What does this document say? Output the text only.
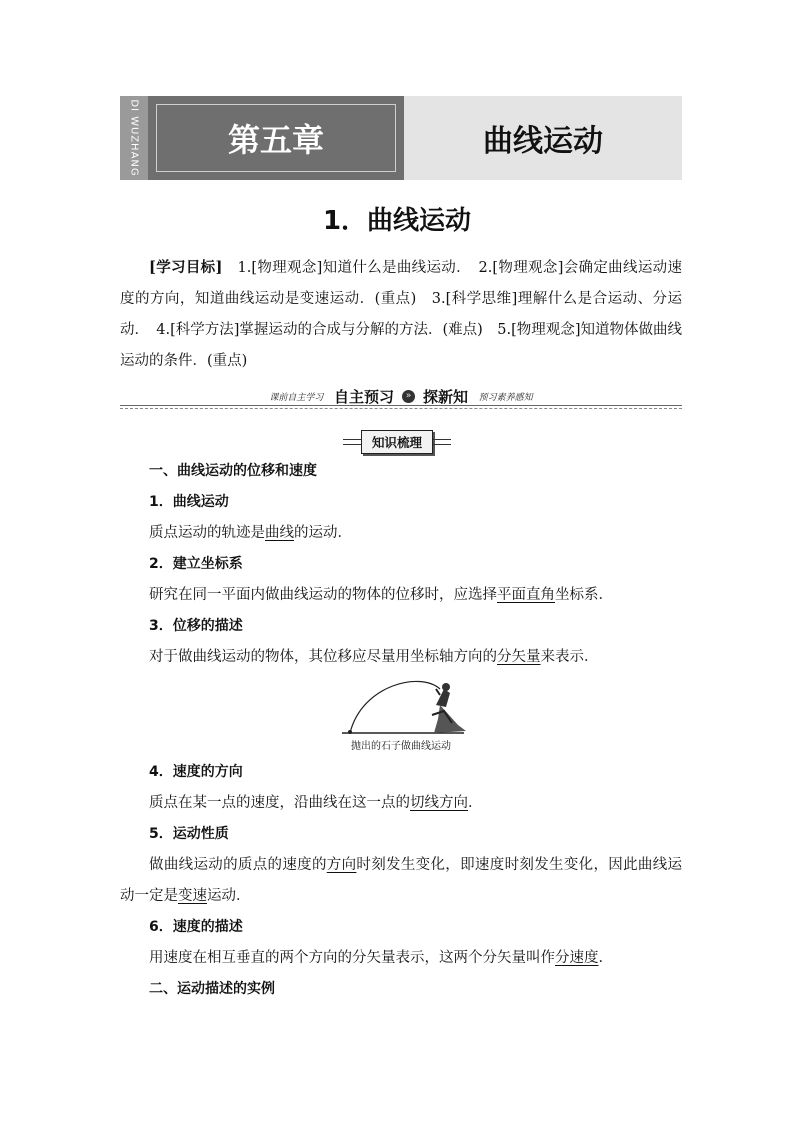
DI WUZHANG	第五章	曲线运动
1．曲线运动

[学习目标]　1.[物理观念]知道什么是曲线运动．　2.[物理观念]会确定曲线运动速度的方向，知道曲线运动是变速运动．(重点)　3.[科学思维]理解什么是合运动、分运动．　4.[科学方法]掌握运动的合成与分解的方法．(难点)　5.[物理观念]知道物体做曲线运动的条件．(重点)

课前自主学习 自主预习 » 探新知 预习素养感知
知识梳理

一、曲线运动的位移和速度

1．曲线运动

质点运动的轨迹是曲线的运动．

2．建立坐标系

研究在同一平面内做曲线运动的物体的位移时，应选择平面直角坐标系．

3．位移的描述

对于做曲线运动的物体，其位移应尽量用坐标轴方向的分矢量来表示．

抛出的石子做曲线运动

4．速度的方向

质点在某一点的速度，沿曲线在这一点的切线方向．

5．运动性质

做曲线运动的质点的速度的方向时刻发生变化，即速度时刻发生变化，因此曲线运动一定是变速运动．

6．速度的描述

用速度在相互垂直的两个方向的分矢量表示，这两个分矢量叫作分速度．

二、运动描述的实例
